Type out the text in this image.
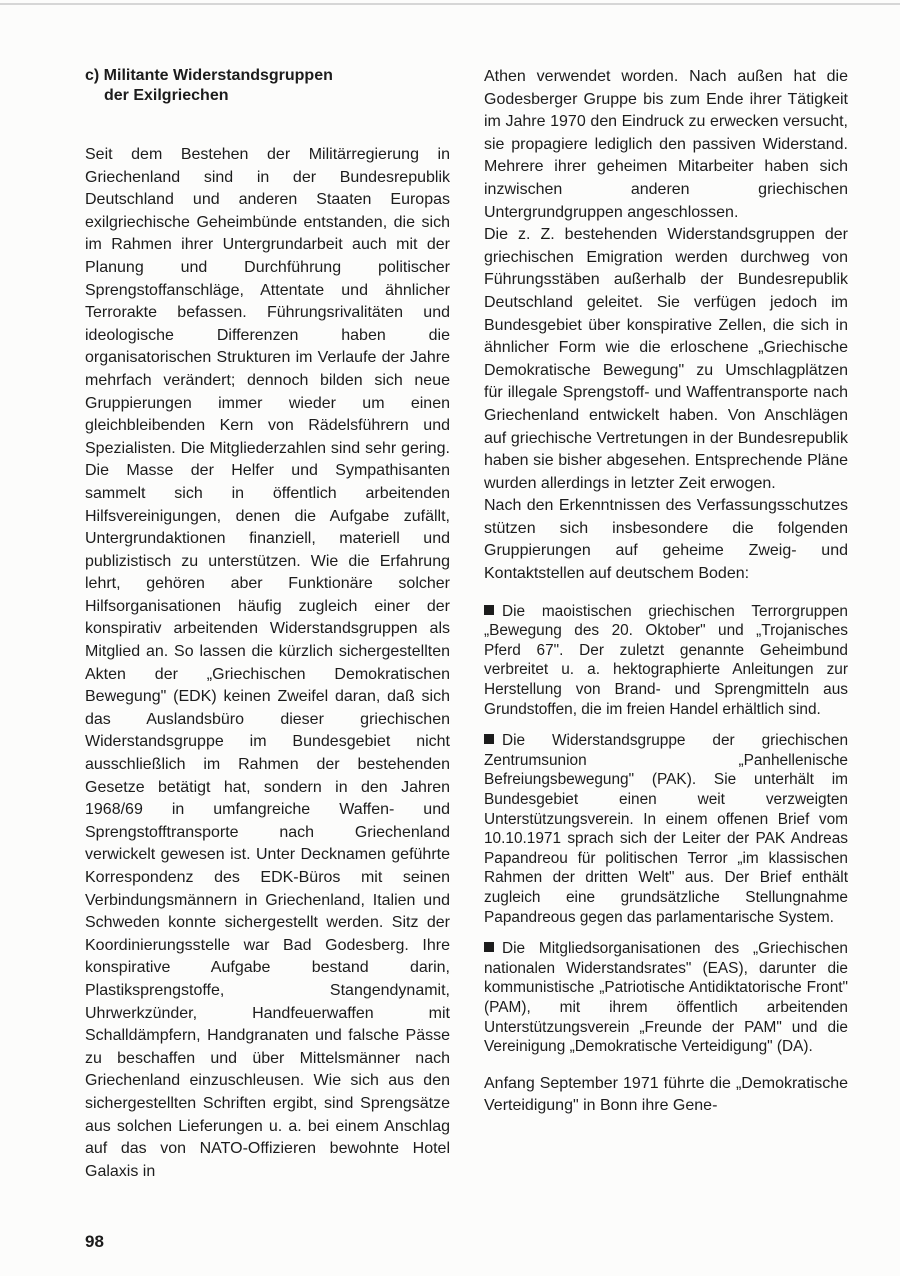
c) Militante Widerstandsgruppen
der Exilgriechen

Seit dem Bestehen der Militärregierung in Griechenland sind in der Bundesrepublik Deutschland und anderen Staaten Europas exilgriechische Geheimbünde entstanden, die sich im Rahmen ihrer Untergrundarbeit auch mit der Planung und Durchführung politischer Sprengstoffanschläge, Attentate und ähnlicher Terrorakte befassen. Führungsrivalitäten und ideologische Differenzen haben die organisatorischen Strukturen im Verlaufe der Jahre mehrfach verändert; dennoch bilden sich neue Gruppierungen immer wieder um einen gleichbleibenden Kern von Rädelsführern und Spezialisten. Die Mitgliederzahlen sind sehr gering. Die Masse der Helfer und Sympathisanten sammelt sich in öffentlich arbeitenden Hilfsvereinigungen, denen die Aufgabe zufällt, Untergrundaktionen finanziell, materiell und publizistisch zu unterstützen. Wie die Erfahrung lehrt, gehören aber Funktionäre solcher Hilfsorganisationen häufig zugleich einer der konspirativ arbeitenden Widerstandsgruppen als Mitglied an. So lassen die kürzlich sichergestellten Akten der „Griechischen Demokratischen Bewegung" (EDK) keinen Zweifel daran, daß sich das Auslandsbüro dieser griechischen Widerstandsgruppe im Bundesgebiet nicht ausschließlich im Rahmen der bestehenden Gesetze betätigt hat, sondern in den Jahren 1968/69 in umfangreiche Waffen- und Sprengstofftransporte nach Griechenland verwickelt gewesen ist. Unter Decknamen geführte Korrespondenz des EDK-Büros mit seinen Verbindungsmännern in Griechenland, Italien und Schweden konnte sichergestellt werden. Sitz der Koordinierungsstelle war Bad Godesberg. Ihre konspirative Aufgabe bestand darin, Plastiksprengstoffe, Stangendynamit, Uhrwerkzünder, Handfeuerwaffen mit Schalldämpfern, Handgranaten und falsche Pässe zu beschaffen und über Mittelsmänner nach Griechenland einzuschleusen. Wie sich aus den sichergestellten Schriften ergibt, sind Sprengsätze aus solchen Lieferungen u. a. bei einem Anschlag auf das von NATO-Offizieren bewohnte Hotel Galaxis in

Athen verwendet worden. Nach außen hat die Godesberger Gruppe bis zum Ende ihrer Tätigkeit im Jahre 1970 den Eindruck zu erwecken versucht, sie propagiere lediglich den passiven Widerstand. Mehrere ihrer geheimen Mitarbeiter haben sich inzwischen anderen griechischen Untergrundgruppen angeschlossen.

Die z. Z. bestehenden Widerstandsgruppen der griechischen Emigration werden durchweg von Führungsstäben außerhalb der Bundesrepublik Deutschland geleitet. Sie verfügen jedoch im Bundesgebiet über konspirative Zellen, die sich in ähnlicher Form wie die erloschene „Griechische Demokratische Bewegung" zu Umschlagplätzen für illegale Sprengstoff- und Waffentransporte nach Griechenland entwickelt haben. Von Anschlägen auf griechische Vertretungen in der Bundesrepublik haben sie bisher abgesehen. Entsprechende Pläne wurden allerdings in letzter Zeit erwogen.

Nach den Erkenntnissen des Verfassungsschutzes stützen sich insbesondere die folgenden Gruppierungen auf geheime Zweig- und Kontaktstellen auf deutschem Boden:

Die maoistischen griechischen Terrorgruppen „Bewegung des 20. Oktober" und „Trojanisches Pferd 67". Der zuletzt genannte Geheimbund verbreitet u. a. hektographierte Anleitungen zur Herstellung von Brand- und Sprengmitteln aus Grundstoffen, die im freien Handel erhältlich sind.
Die Widerstandsgruppe der griechischen Zentrumsunion „Panhellenische Befreiungsbewegung" (PAK). Sie unterhält im Bundesgebiet einen weit verzweigten Unterstützungsverein. In einem offenen Brief vom 10.10.1971 sprach sich der Leiter der PAK Andreas Papandreou für politischen Terror „im klassischen Rahmen der dritten Welt" aus. Der Brief enthält zugleich eine grundsätzliche Stellungnahme Papandreous gegen das parlamentarische System.
Die Mitgliedsorganisationen des „Griechischen nationalen Widerstandsrates" (EAS), darunter die kommunistische „Patriotische Antidiktatorische Front" (PAM), mit ihrem öffentlich arbeitenden Unterstützungsverein „Freunde der PAM" und die Vereinigung „Demokratische Verteidigung" (DA).

Anfang September 1971 führte die „Demokratische Verteidigung" in Bonn ihre Gene-

98
